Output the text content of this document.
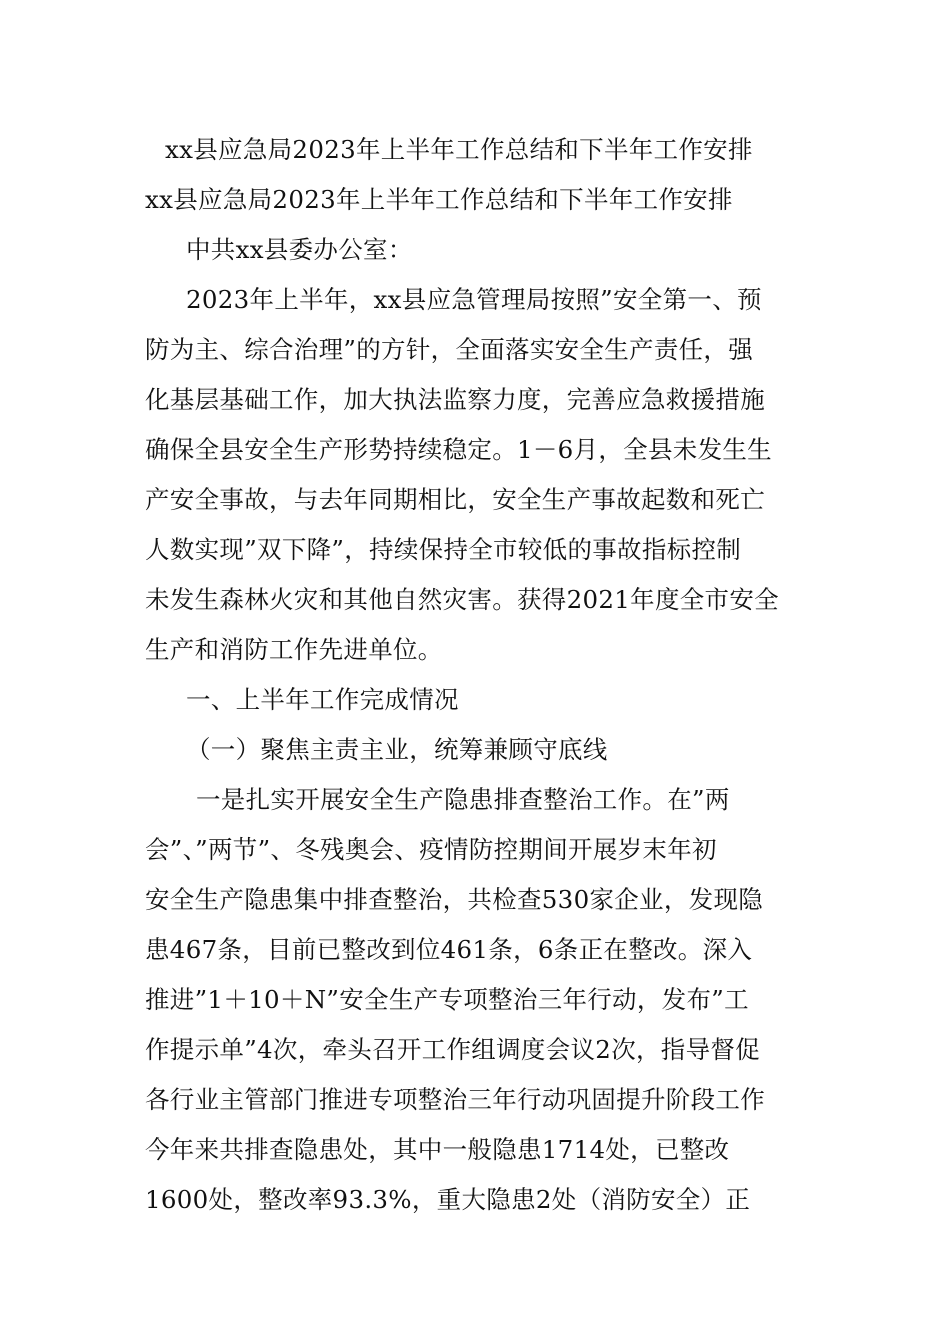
xx县应急局2023年上半年工作总结和下半年工作安排
xx县应急局2023年上半年工作总结和下半年工作安排
中共xx县委办公室：
2023年上半年，xx县应急管理局按照”安全第一、预
防为主、综合治理”的方针，全面落实安全生产责任，强
化基层基础工作，加大执法监察力度，完善应急救援措施
确保全县安全生产形势持续稳定。1－6月，全县未发生生
产安全事故，与去年同期相比，安全生产事故起数和死亡
人数实现”双下降”，持续保持全市较低的事故指标控制
未发生森林火灾和其他自然灾害。获得2021年度全市安全
生产和消防工作先进单位。
一、上半年工作完成情况
（一）聚焦主责主业，统筹兼顾守底线
一是扎实开展安全生产隐患排查整治工作。在”两
会”、”两节”、冬残奥会、疫情防控期间开展岁末年初
安全生产隐患集中排查整治，共检查530家企业，发现隐
患467条，目前已整改到位461条，6条正在整改。深入
推进”1＋10＋N”安全生产专项整治三年行动，发布”工
作提示单”4次，牵头召开工作组调度会议2次，指导督促
各行业主管部门推进专项整治三年行动巩固提升阶段工作
今年来共排查隐患处，其中一般隐患1714处，已整改
1600处，整改率93.3%，重大隐患2处（消防安全）正
